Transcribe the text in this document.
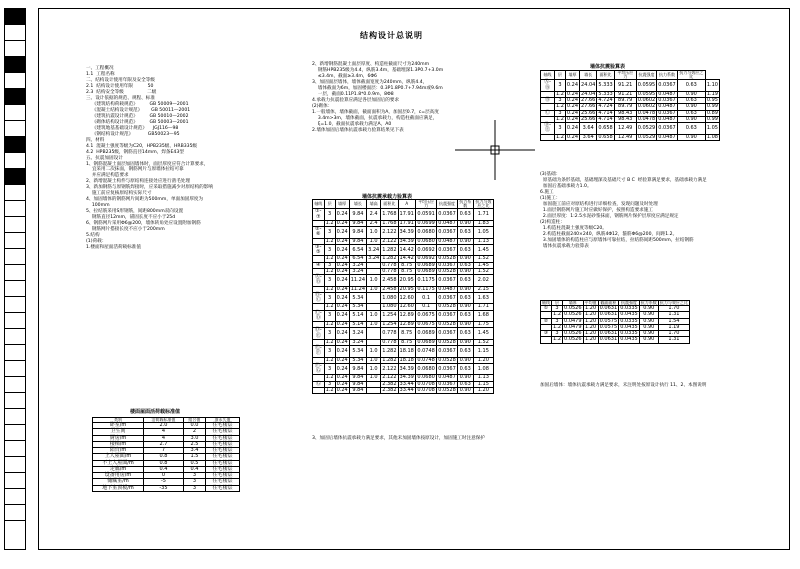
结构设计总说明
一、工程概况
1.1  工程名称
二、结构设计使用年限及安全等级
2.1  结构设计使用年限          50
2.3  结构安全等级                二级
三、设计依据的规范、规程、标准
《建筑结构荷载规范》        GB 50009—2001
《混凝土结构设计规范》      GB 50011—2001
《建筑抗震设计规范》        GB 50010—2002
《砌体结构设计规范》        GB 50003—2001
《建筑地基基础设计规范》    JGJ116—98
《钢结构设计规范》          GB50023—95
四、材料
4.1  混凝土强度等级为C20，HPB235级、HRB335级
4.2  HPB235级，钢筋直径14mm，焊条E43型
五、抗震加固设计
1、钢筋混凝土面层加固墙体时，面层厚度应符合计算要求，
宜采用二次抹面，钢筋网片与原墙体拉结可靠
并应满足构造要求
2、新增混凝土构件与原结构连接处应进行凿毛处理
3、新加钢筋与原钢筋焊接时，应采取措施减少对原结构的影响
施工前应复核原结构实际尺寸
4、加固墙体的钢筋网片间距为500mm，单面加固厚度为
100mm
5、拉结筋采用S形钢筋，间距800mm双向设置
钢筋直径12mm，锚固长度不应小于25d
6、钢筋网片采用Φ6@200，墙体转角处应设置附加钢筋
钢筋网片搭接长度不应小于200mm
5.结构
(1)荷载：
1.楼面和屋面活荷载标准值
楼面屋面活荷载标准值
类别	活荷载标准值	组合值	准永久值
卧室/m	2.0	0.0	住宅楼层
卫生间	4	2	住宅楼层
厨房/m	4	3.0	住宅楼层
楼梯/m	2.7	2.5	住宅楼层
阳台/m	7	3.4	住宅楼层
上人屋面/m	0.8	1.5	住宅楼层
不上人屋面/m	0.8	0.5	住宅楼层
走廊/m	0.4	0.4	住宅楼层
设备用房/m	0	3	住宅楼层
储藏室/m	-5	3	住宅楼层
地下室顶板/m	-35	3	住宅楼层
2、新增钢筋混凝土面层厚度、构造柱截面尺寸为240mm
钢筋HPB235级为4.4，纵筋3.4m，基础埋深1.3P0.7+3.0m
≤3.4m，截面≥3.4m，6Φ6
3、加固面层墙体，墙体截面宽度为240mm，纵筋4.4，
墙体截面为6m，加固楼面层：0.3P1.8P0.7+7.94m或9.6m
一层，截面0.11P1.8*0.0.9m，8Φ8
4.承载力抗震验算应满足各层加固后的要求
(2)砌体：
1.一般墙体，墙体截面，截面面积为A，加固层0.7，c=层高度
3.4m>3m，墙体截面，抗震承载力，构造柱截面应满足，
ξ=1.0，截面抗震承载力满足A，A0
2.墙体加固后墙体抗震承载力验算结果见下表
墙体抗震承载力验算表
轴线	层	墙厚	墙长	墙高	面积比	A	平均压应力	抗震强度	抗力系数	抗力与效应之比
①-⑦	3	0.24	9.84	2.4	1.768	17.91	0.0591	0.0367	0.63	1.71
	1.2	0.24	9.84	2.4	1.768	17.91	0.0699	0.0487	0.90	1.83
②-⑥	3	0.24	9.84	1.0	2.122	34.39	0.0680	0.0367	0.63	1.05
	1.2	0.24	9.84	1.0	2.122	34.39	0.0680	0.0487	0.90	1.13
③-⑤	3	0.24	6.54	3.24	1.282	14.42	0.0692	0.0367	0.63	1.45
	1.2	0.24	6.54	3.24	1.282	14.42	0.0692	0.0528	0.90	1.52
④	3	0.24	3.24		0.778	8.75	0.0689	0.0367	0.63	1.45
	1.2	0.24	3.24		0.778	8.75	0.0689	0.0528	0.90	1.52
Ⓐ-Ⓑ	3	0.24	11.24	1.0	2.458	20.95	0.1175	0.0367	0.63	2.02
	1.2	0.24	11.24	1.0	2.458	20.95	0.1175	0.0487	0.90	2.15
Ⓑ-Ⓒ	3	0.24	5.34		1.080	12.60	0.1	0.0367	0.63	1.63
	1.2	0.24	5.34		1.080	12.60	0.1	0.0528	0.90	1.71
Ⓒ-Ⓓ	3	0.24	5.14	1.0	1.254	12.89	0.0675	0.0367	0.63	1.68
	1.2	0.24	5.14	1.0	1.254	12.89	0.0675	0.0528	0.90	1.75
Ⓓ-Ⓔ	3	0.24	3.24		0.778	8.75	0.0689	0.0367	0.63	1.45
	1.2	0.24	3.24		0.778	8.75	0.0689	0.0528	0.90	1.52
Ⓔ-Ⓕ	3	0.24	5.34	1.0	1.282	18.18	0.0748	0.0367	0.63	1.15
	1.2	0.24	5.34	1.0	1.282	18.18	0.0748	0.0528	0.90	1.20
Ⓕ-Ⓖ	3	0.24	9.84	1.0	2.122	34.39	0.0680	0.0367	0.63	1.08
	1.2	0.24	9.84	1.0	2.122	34.39	0.0680	0.0487	0.90	1.13
Ⓖ	3	0.24	9.84		2.382	33.44	0.0708	0.0367	0.63	1.15
	1.2	0.24	9.84		2.382	33.44	0.0708	0.0528	0.90	1.20
3、加固后墙体抗震承载力满足要求，其他未加固墙体按原设计，加固施工时注意保护
墙体抗震验算表
轴线	层	墙厚	墙长	面积比	平均压应力	抗震强度	抗力系数	抗力与效应之比	
Ⓐ-Ⓑ	3	0.24	24.04	5.333	91.21	0.0595	0.0367	0.63	1.10
	1.2	0.24	24.04	5.333	91.21	0.0595	0.0487	0.90	1.19
Ⓑ	3	0.24	27.66	4.724	89.79	0.0602	0.0367	0.63	0.95
	1.2	0.24	27.66	4.724	89.79	0.0602	0.0487	0.90	0.99
Ⓒ	3	0.24	25.66	4.714	98.43	0.0478	0.0367	0.63	0.89
	1.2	0.24	25.66	4.714	98.43	0.0478	0.0487	0.90	0.99
Ⓓ-Ⓔ	3	0.24	3.64	0.658	12.49	0.0529	0.0367	0.63	1.05
	1.2	0.24	3.64	0.658	12.49	0.0529	0.0487	0.90	1.08
(3)基础：
原基础为条形基础，基础埋深及基础尺寸 B C  经验算满足要求，基础承载力满足
加固后基础承载力1.0。
6.施工
(1)施工：
加固施工前应对原结构进行详细检查，发现问题及时处理
1.面层钢筋网片施工时应做好保护，按照构造要求施工
2.面层厚度：1:2.5水泥砂浆抹面，钢筋网片保护层厚度应满足规定
(2)构造柱：
1.构造柱混凝土强度等级C20。
2.构造柱截面240×240，纵筋4Φ12，箍筋Φ6@200，间距1.2。
3.加固墙体的构造柱应与原墙体可靠拉结，拉结筋间距500mm，拉结钢筋
墙体抗震承载力验算表
轴线	层	墙厚	平均值	截面面积	抗震强度	抗力系数	抗力与效应之比
①	3	0.0526	1.20	0.0631	0.0335	0.90	1.70
	1.2	0.0526	1.20	0.0631	0.0435	0.90	1.31
②	3	0.0479	1.20	0.0575	0.0335	0.90	1.54
	1.2	0.0479	1.20	0.0575	0.0435	0.90	1.19
③	3	0.0526	1.20	0.0631	0.0335	0.90	1.70
	1.2	0.0526	1.20	0.0631	0.0435	0.90	1.31
加固后墙体：墙体抗震承载力满足要求，未注明处按原设计执行 11、2、本图说明
